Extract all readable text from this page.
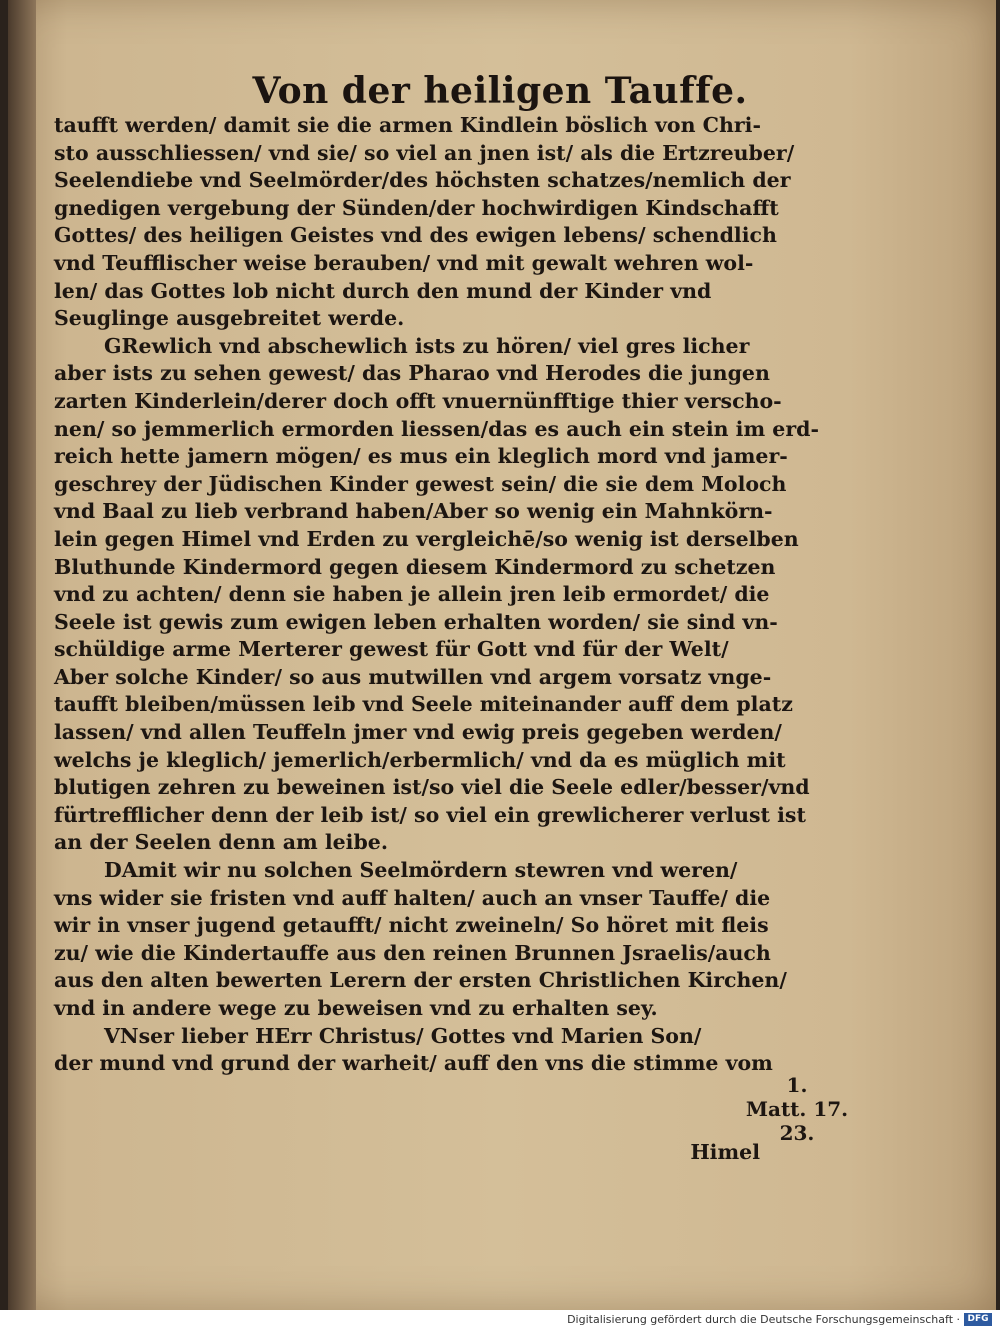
Von der heiligen Tauffe.
taufft werden/ damit sie die armen Kindlein böslich von Chri-
sto ausschliessen/ vnd sie/ so viel an jnen ist/ als die Ertzreuber/
Seelendiebe vnd Seelmörder/des höchsten schatzes/nemlich der
gnedigen vergebung der Sünden/der hochwirdigen Kindschafft
Gottes/ des heiligen Geistes vnd des ewigen lebens/ schendlich
vnd Teufflischer weise berauben/ vnd mit gewalt wehren wol-
len/ das Gottes lob nicht durch den mund der Kinder vnd
Seuglinge ausgebreitet werde.
GRewlich vnd abschewlich ists zu hören/ viel gres licher
aber ists zu sehen gewest/ das Pharao vnd Herodes die jungen
zarten Kinderlein/derer doch offt vnuernünfftige thier verscho-
nen/ so jemmerlich ermorden liessen/das es auch ein stein im erd-
reich hette jamern mögen/ es mus ein kleglich mord vnd jamer-
geschrey der Jüdischen Kinder gewest sein/ die sie dem Moloch
vnd Baal zu lieb verbrand haben/Aber so wenig ein Mahnkörn-
lein gegen Himel vnd Erden zu vergleichē/so wenig ist derselben
Bluthunde Kindermord gegen diesem Kindermord zu schetzen
vnd zu achten/ denn sie haben je allein jren leib ermordet/ die
Seele ist gewis zum ewigen leben erhalten worden/ sie sind vn-
schüldige arme Merterer gewest für Gott vnd für der Welt/
Aber solche Kinder/ so aus mutwillen vnd argem vorsatz vnge-
taufft bleiben/müssen leib vnd Seele miteinander auff dem platz
lassen/ vnd allen Teuffeln jmer vnd ewig preis gegeben werden/
welchs je kleglich/ jemerlich/erbermlich/ vnd da es müglich mit
blutigen zehren zu beweinen ist/so viel die Seele edler/besser/vnd
fürtrefflicher denn der leib ist/ so viel ein grewlicherer verlust ist
an der Seelen denn am leibe.
DAmit wir nu solchen Seelmördern stewren vnd weren/
vns wider sie fristen vnd auff halten/ auch an vnser Tauffe/ die
wir in vnser jugend getaufft/ nicht zweineln/ So höret mit fleis
zu/ wie die Kindertauffe aus den reinen Brunnen Jsraelis/auch
aus den alten bewerten Lerern der ersten Christlichen Kirchen/
vnd in andere wege zu beweisen vnd zu erhalten sey.
VNser lieber HErr Christus/ Gottes vnd Marien Son/
der mund vnd grund der warheit/ auff den vns die stimme vom
1.
Matt. 17.
23.
Himel
Digitalisierung gefördert durch die Deutsche Forschungsgemeinschaft · DFG
